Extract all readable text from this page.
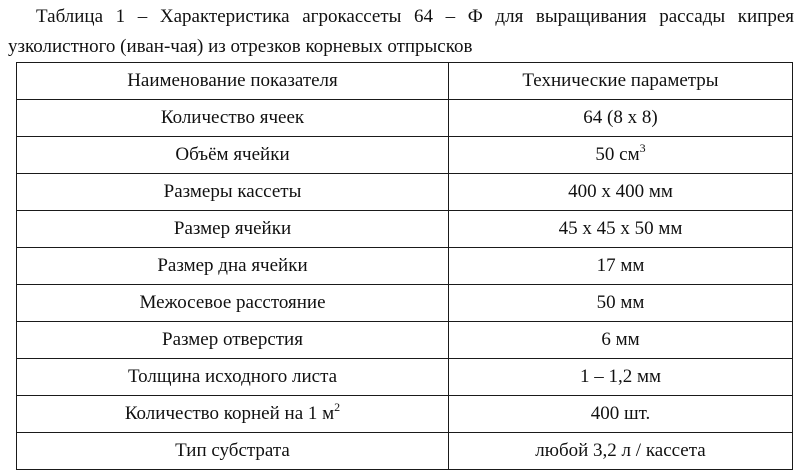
Таблица 1 – Характеристика агрокассеты 64 – Ф для выращивания рассады кипрея
узколистного (иван-чая) из отрезков корневых отпрысков

Наименование показателя	Технические параметры
Количество ячеек	64 (8 х 8)
Объём ячейки	50 $см^3$
Размеры кассеты	400 х 400 мм
Размер ячейки	45 х 45 х 50 мм
Размер дна ячейки	17 мм
Межосевое расстояние	50 мм
Размер отверстия	6 мм
Толщина исходного листа	1 – 1,2 мм
Количество корней на 1 $м^2$	400 шт.
Тип субстрата	любой 3,2 л / кассета
